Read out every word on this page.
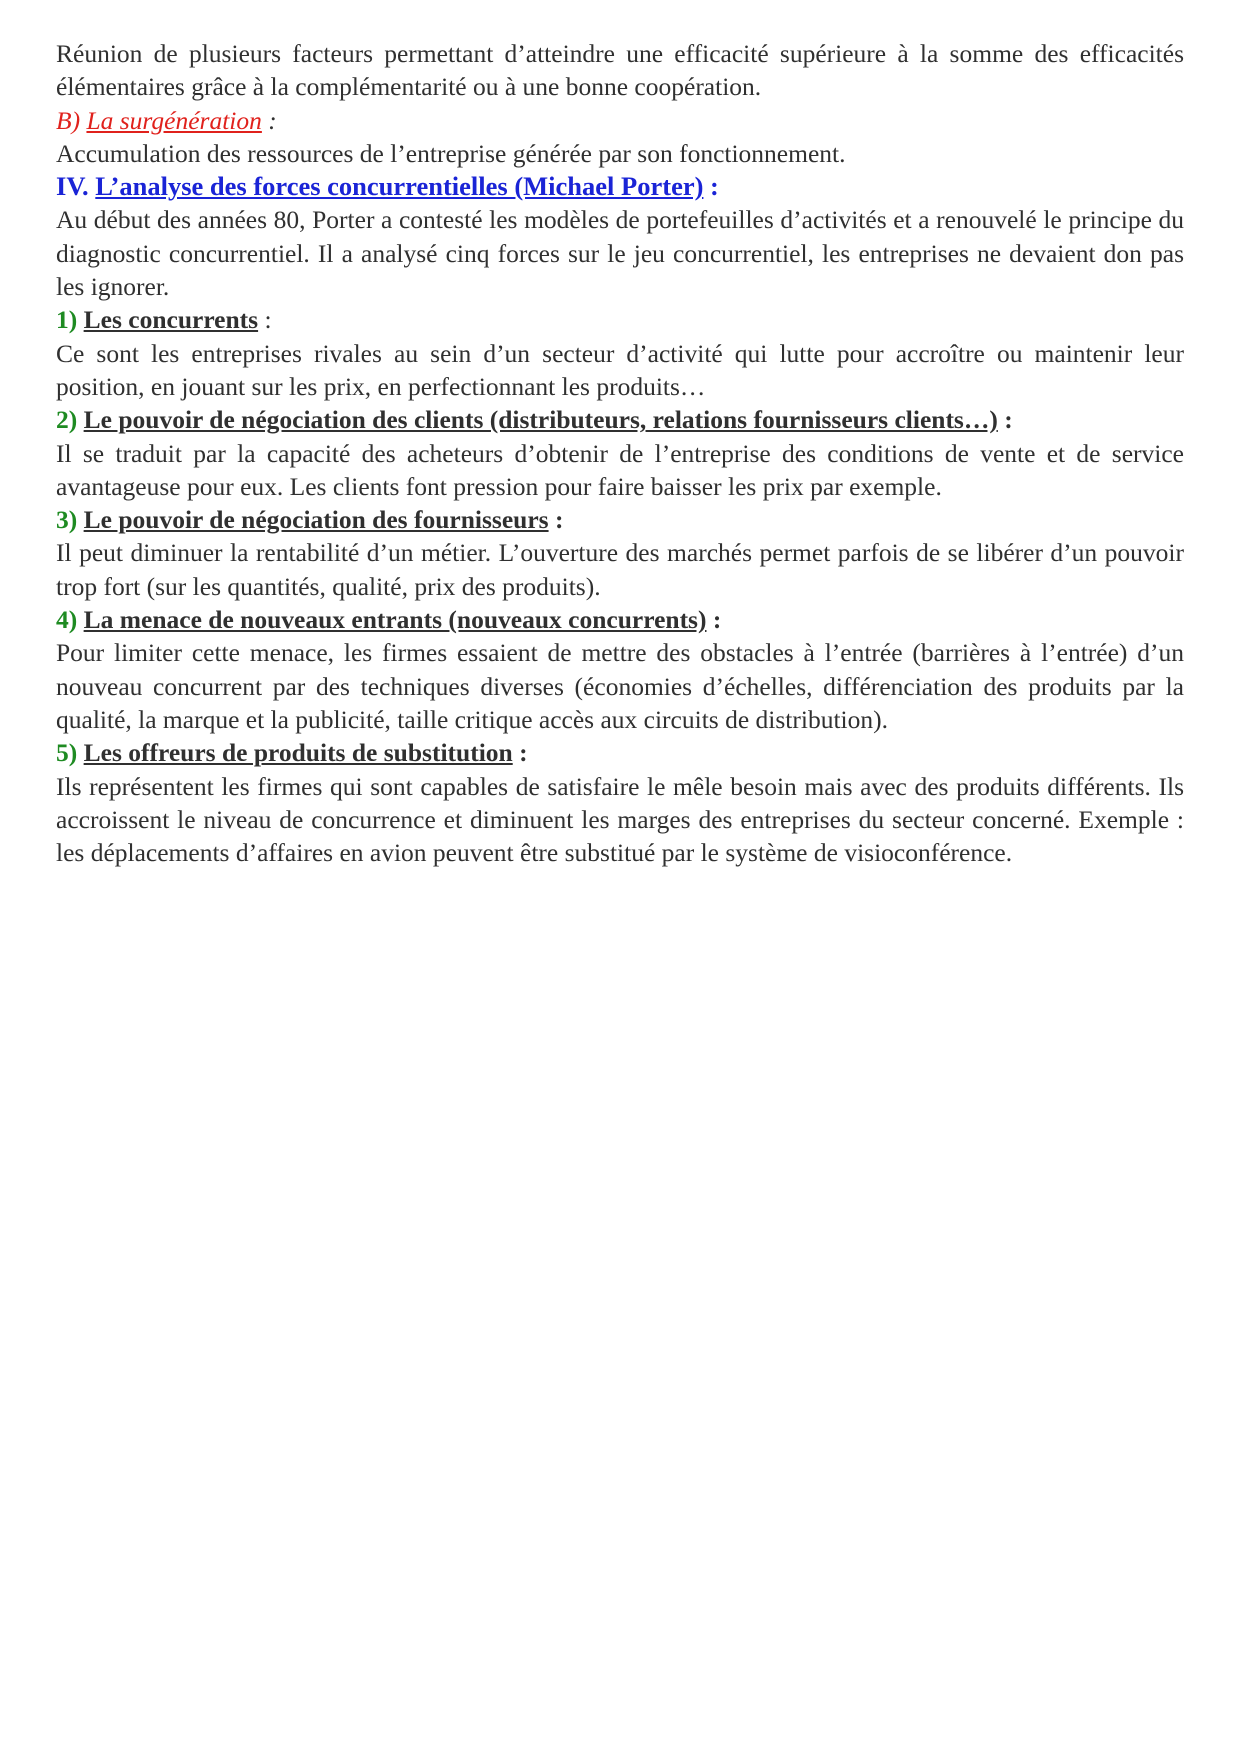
Réunion de plusieurs facteurs permettant d’atteindre une efficacité supérieure à la somme des efficacités élémentaires grâce à la complémentarité ou à une bonne coopération.

B) La surgénération :

Accumulation des ressources de l’entreprise générée par son fonctionnement.

IV. L’analyse des forces concurrentielles (Michael Porter) :

Au début des années 80, Porter a contesté les modèles de portefeuilles d’activités et a renouvelé le principe du diagnostic concurrentiel. Il a analysé cinq forces sur le jeu concurrentiel, les entreprises ne devaient don pas les ignorer.

1) Les concurrents :

Ce sont les entreprises rivales au sein d’un secteur d’activité qui lutte pour accroître ou maintenir leur position, en jouant sur les prix, en perfectionnant les produits…

2) Le pouvoir de négociation des clients (distributeurs, relations fournisseurs clients…) :

Il se traduit par la capacité des acheteurs d’obtenir de l’entreprise des conditions de vente et de service avantageuse pour eux. Les clients font pression pour faire baisser les prix par exemple.

3) Le pouvoir de négociation des fournisseurs :

Il peut diminuer la rentabilité d’un métier. L’ouverture des marchés permet parfois de se libérer d’un pouvoir trop fort (sur les quantités, qualité, prix des produits).

4) La menace de nouveaux entrants (nouveaux concurrents) :

Pour limiter cette menace, les firmes essaient de mettre des obstacles à l’entrée (barrières à l’entrée) d’un nouveau concurrent par des techniques diverses (économies d’échelles, différenciation des produits par la qualité, la marque et la publicité, taille critique accès aux circuits de distribution).

5) Les offreurs de produits de substitution :

Ils représentent les firmes qui sont capables de satisfaire le mêle besoin mais avec des produits différents. Ils accroissent le niveau de concurrence et diminuent les marges des entreprises du secteur concerné. Exemple : les déplacements d’affaires en avion peuvent être substitué par le système de visioconférence.
